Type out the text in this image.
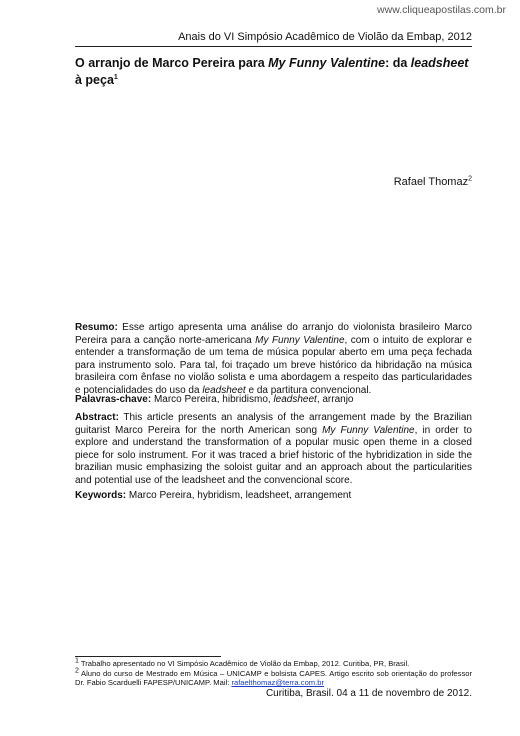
www.cliqueapostilas.com.br
Anais do VI Simpósio Acadêmico de Violão da Embap, 2012
O arranjo de Marco Pereira para My Funny Valentine: da leadsheet à peça$^1$
Rafael Thomaz$^2$
Resumo: Esse artigo apresenta uma análise do arranjo do violonista brasileiro Marco Pereira para a canção norte-americana My Funny Valentine, com o intuito de explorar e entender a transformação de um tema de música popular aberto em uma peça fechada para instrumento solo. Para tal, foi traçado um breve histórico da hibridação na música brasileira com ênfase no violão solista e uma abordagem a respeito das particularidades e potencialidades do uso da leadsheet e da partitura convencional.
Palavras-chave: Marco Pereira, hibridismo, leadsheet, arranjo
Abstract: This article presents an analysis of the arrangement made by the Brazilian guitarist Marco Pereira for the north American song My Funny Valentine, in order to explore and understand the transformation of a popular music open theme in a closed piece for solo instrument. For it was traced a brief historic of the hybridization in side the brazilian music emphasizing the soloist guitar and an approach about the particularities and potential use of the leadsheet and the convencional score.
Keywords: Marco Pereira, hybridism, leadsheet, arrangement
$^1$ Trabalho apresentado no VI Simpósio Acadêmico de Violão da Embap, 2012. Curitiba, PR, Brasil.
$^2$ Aluno do curso de Mestrado em Música – UNICAMP e bolsista CAPES. Artigo escrito sob orientação do professor Dr. Fabio Scarduelli FAPESP/UNICAMP. Mail: rafaelthomaz@terra.com.br
Curitiba, Brasil. 04 a 11 de novembro de 2012.
